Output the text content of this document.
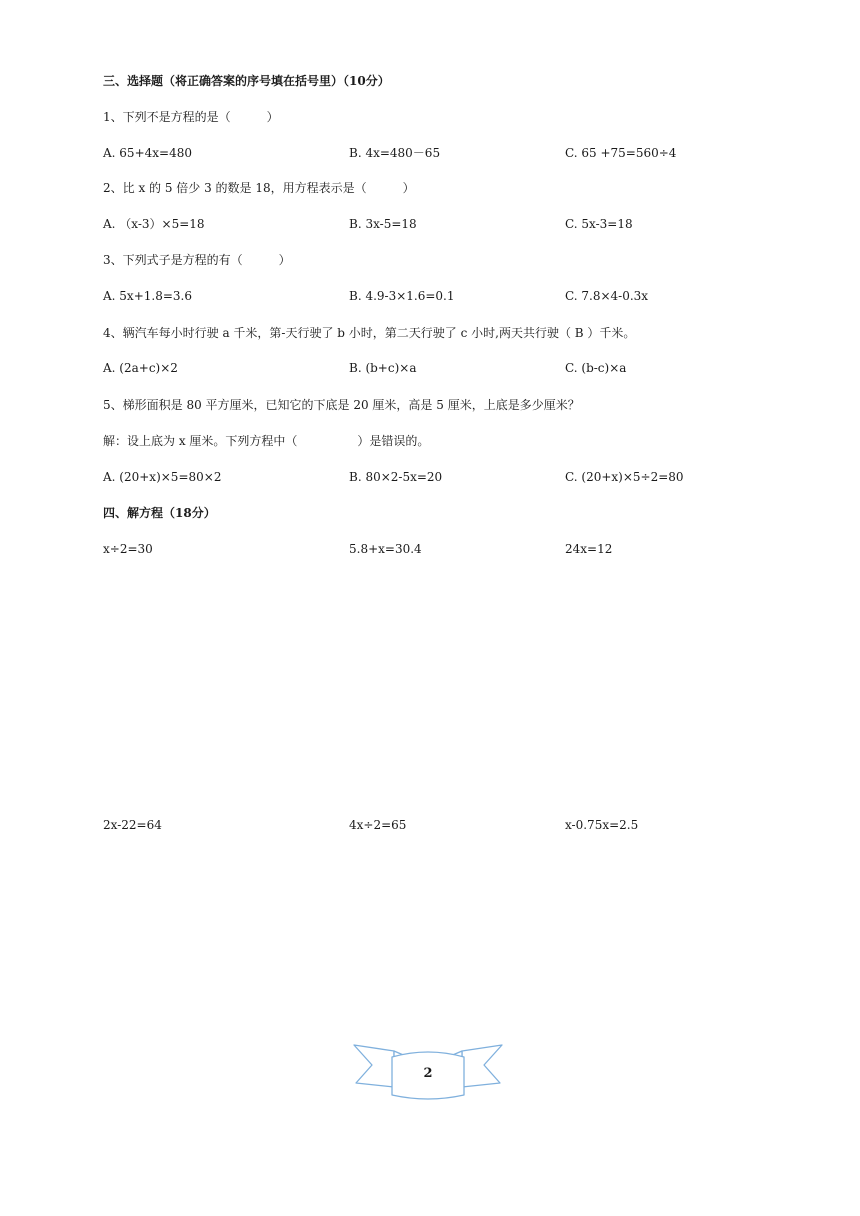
三、选择题（将正确答案的序号填在括号里）（10分）
1、下列不是方程的是（　　　）
A. 65+4x=480	B. 4x=480－65	C. 65 +75=560÷4
2、比 x 的 5 倍少 3 的数是 18，用方程表示是（　　　）
A. （x-3）×5=18	B. 3x-5=18	C. 5x-3=18
3、下列式子是方程的有（　　　）
A. 5x+1.8=3.6	B. 4.9-3×1.6=0.1	C. 7.8×4-0.3x
4、辆汽车每小时行驶 a 千米，第-天行驶了 b 小时，第二天行驶了 c 小时,两天共行驶（ B ）千米。
A. (2a+c)×2	B. (b+c)×a	C. (b-c)×a
5、梯形面积是 80 平方厘米，已知它的下底是 20 厘米，高是 5 厘米，上底是多少厘米？
解：设上底为 x 厘米。下列方程中（　　　　　）是错误的。
A. (20+x)×5=80×2	B. 80×2-5x=20	C. (20+x)×5÷2=80
四、解方程（18分）
x÷2=30	5.8+x=30.4	24x=12
2x-22=64	4x÷2=65	x-0.75x=2.5
2
